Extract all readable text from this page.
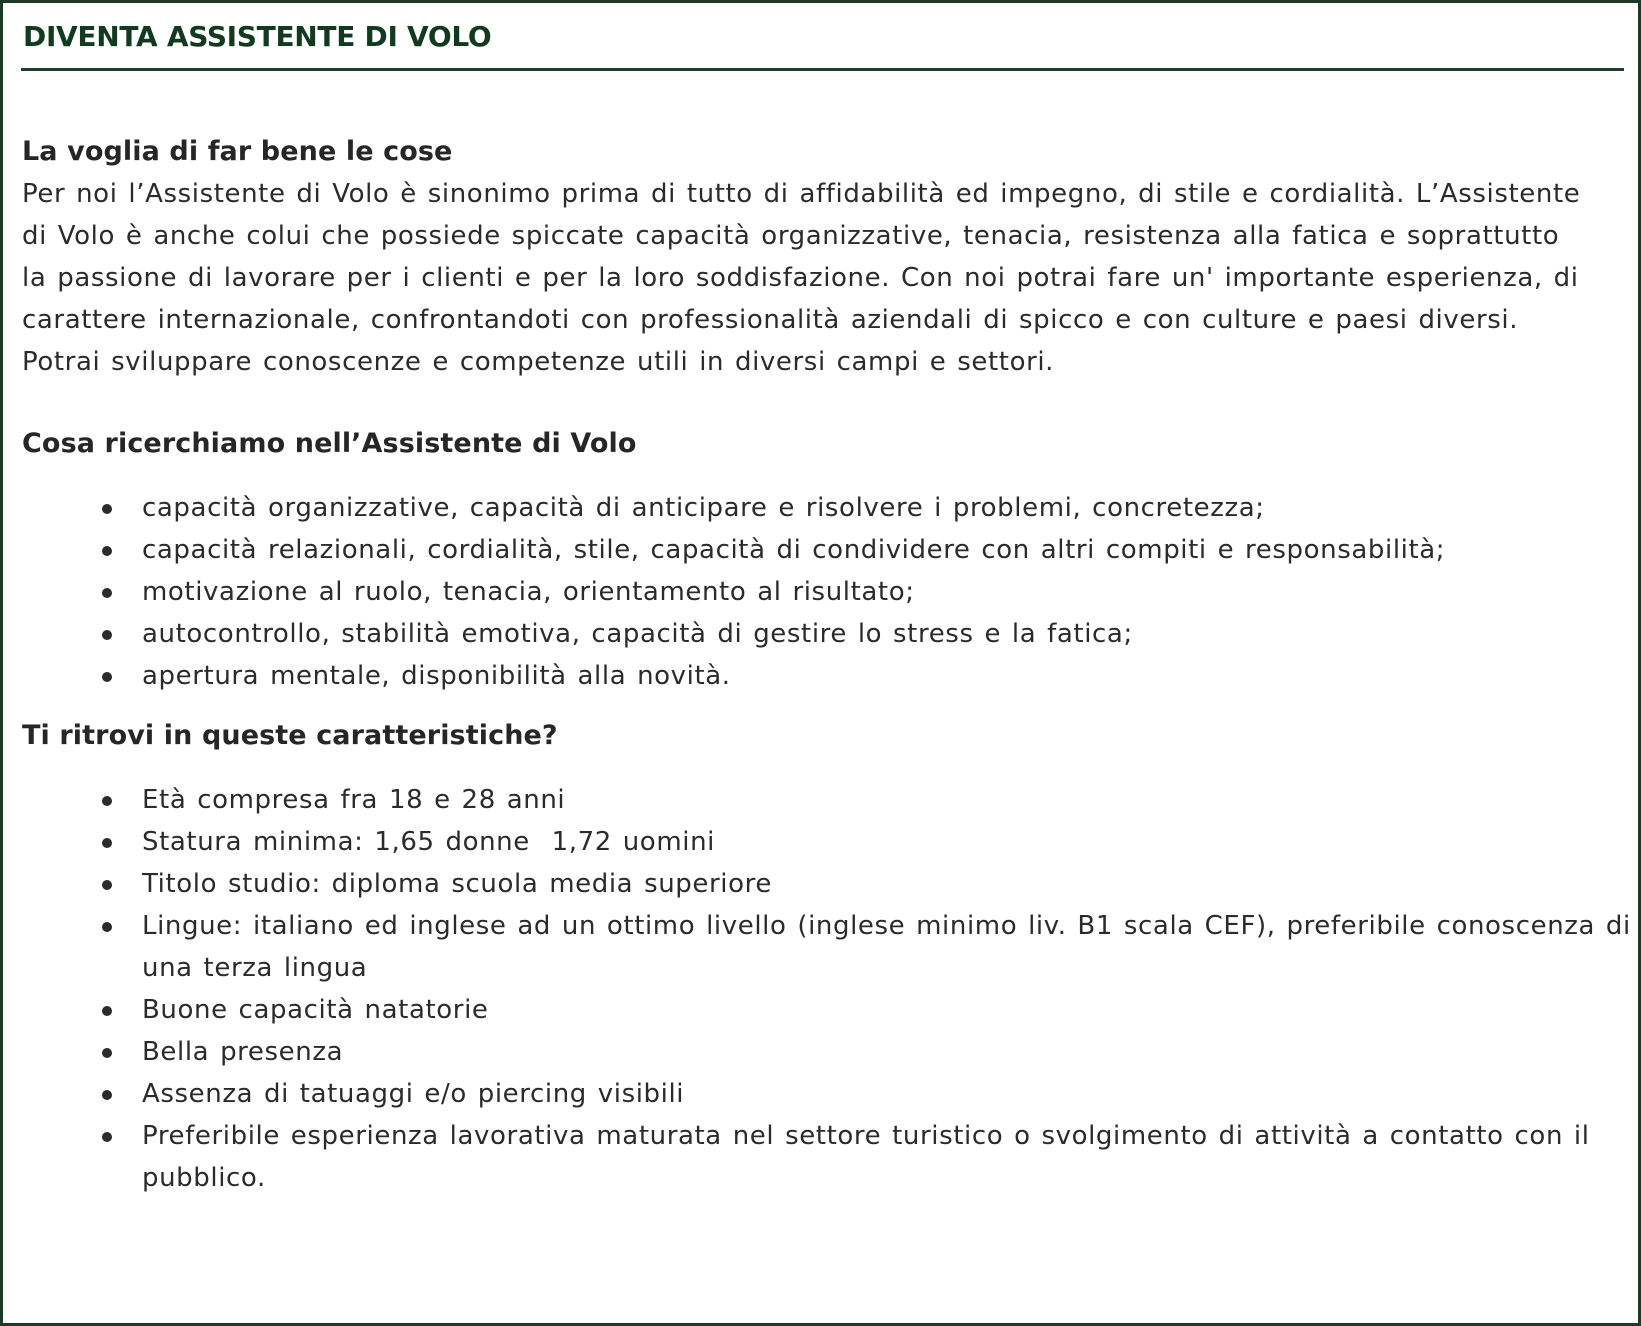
DIVENTA ASSISTENTE DI VOLO
La voglia di far bene le cose

Per noi l’Assistente di Volo è sinonimo prima di tutto di affidabilità ed impegno, di stile e cordialità. L’Assistente di Volo è anche colui che possiede spiccate capacità organizzative, tenacia, resistenza alla fatica e soprattutto la passione di lavorare per i clienti e per la loro soddisfazione. Con noi potrai fare un' importante esperienza, di carattere internazionale, confrontandoti con professionalità aziendali di spicco e con culture e paesi diversi. Potrai sviluppare conoscenze e competenze utili in diversi campi e settori.

Cosa ricerchiamo nell’Assistente di Volo
capacità organizzative, capacità di anticipare e risolvere i problemi, concretezza;
capacità relazionali, cordialità, stile, capacità di condividere con altri compiti e responsabilità;
motivazione al ruolo, tenacia, orientamento al risultato;
autocontrollo, stabilità emotiva, capacità di gestire lo stress e la fatica;
apertura mentale, disponibilità alla novità.
Ti ritrovi in queste caratteristiche?
Età compresa fra 18 e 28 anni
Statura minima: 1,65 donne  1,72 uomini
Titolo studio: diploma scuola media superiore
Lingue: italiano ed inglese ad un ottimo livello (inglese minimo liv. B1 scala CEF), preferibile conoscenza di una terza lingua
Buone capacità natatorie
Bella presenza
Assenza di tatuaggi e/o piercing visibili
Preferibile esperienza lavorativa maturata nel settore turistico o svolgimento di attività a contatto con il pubblico.
